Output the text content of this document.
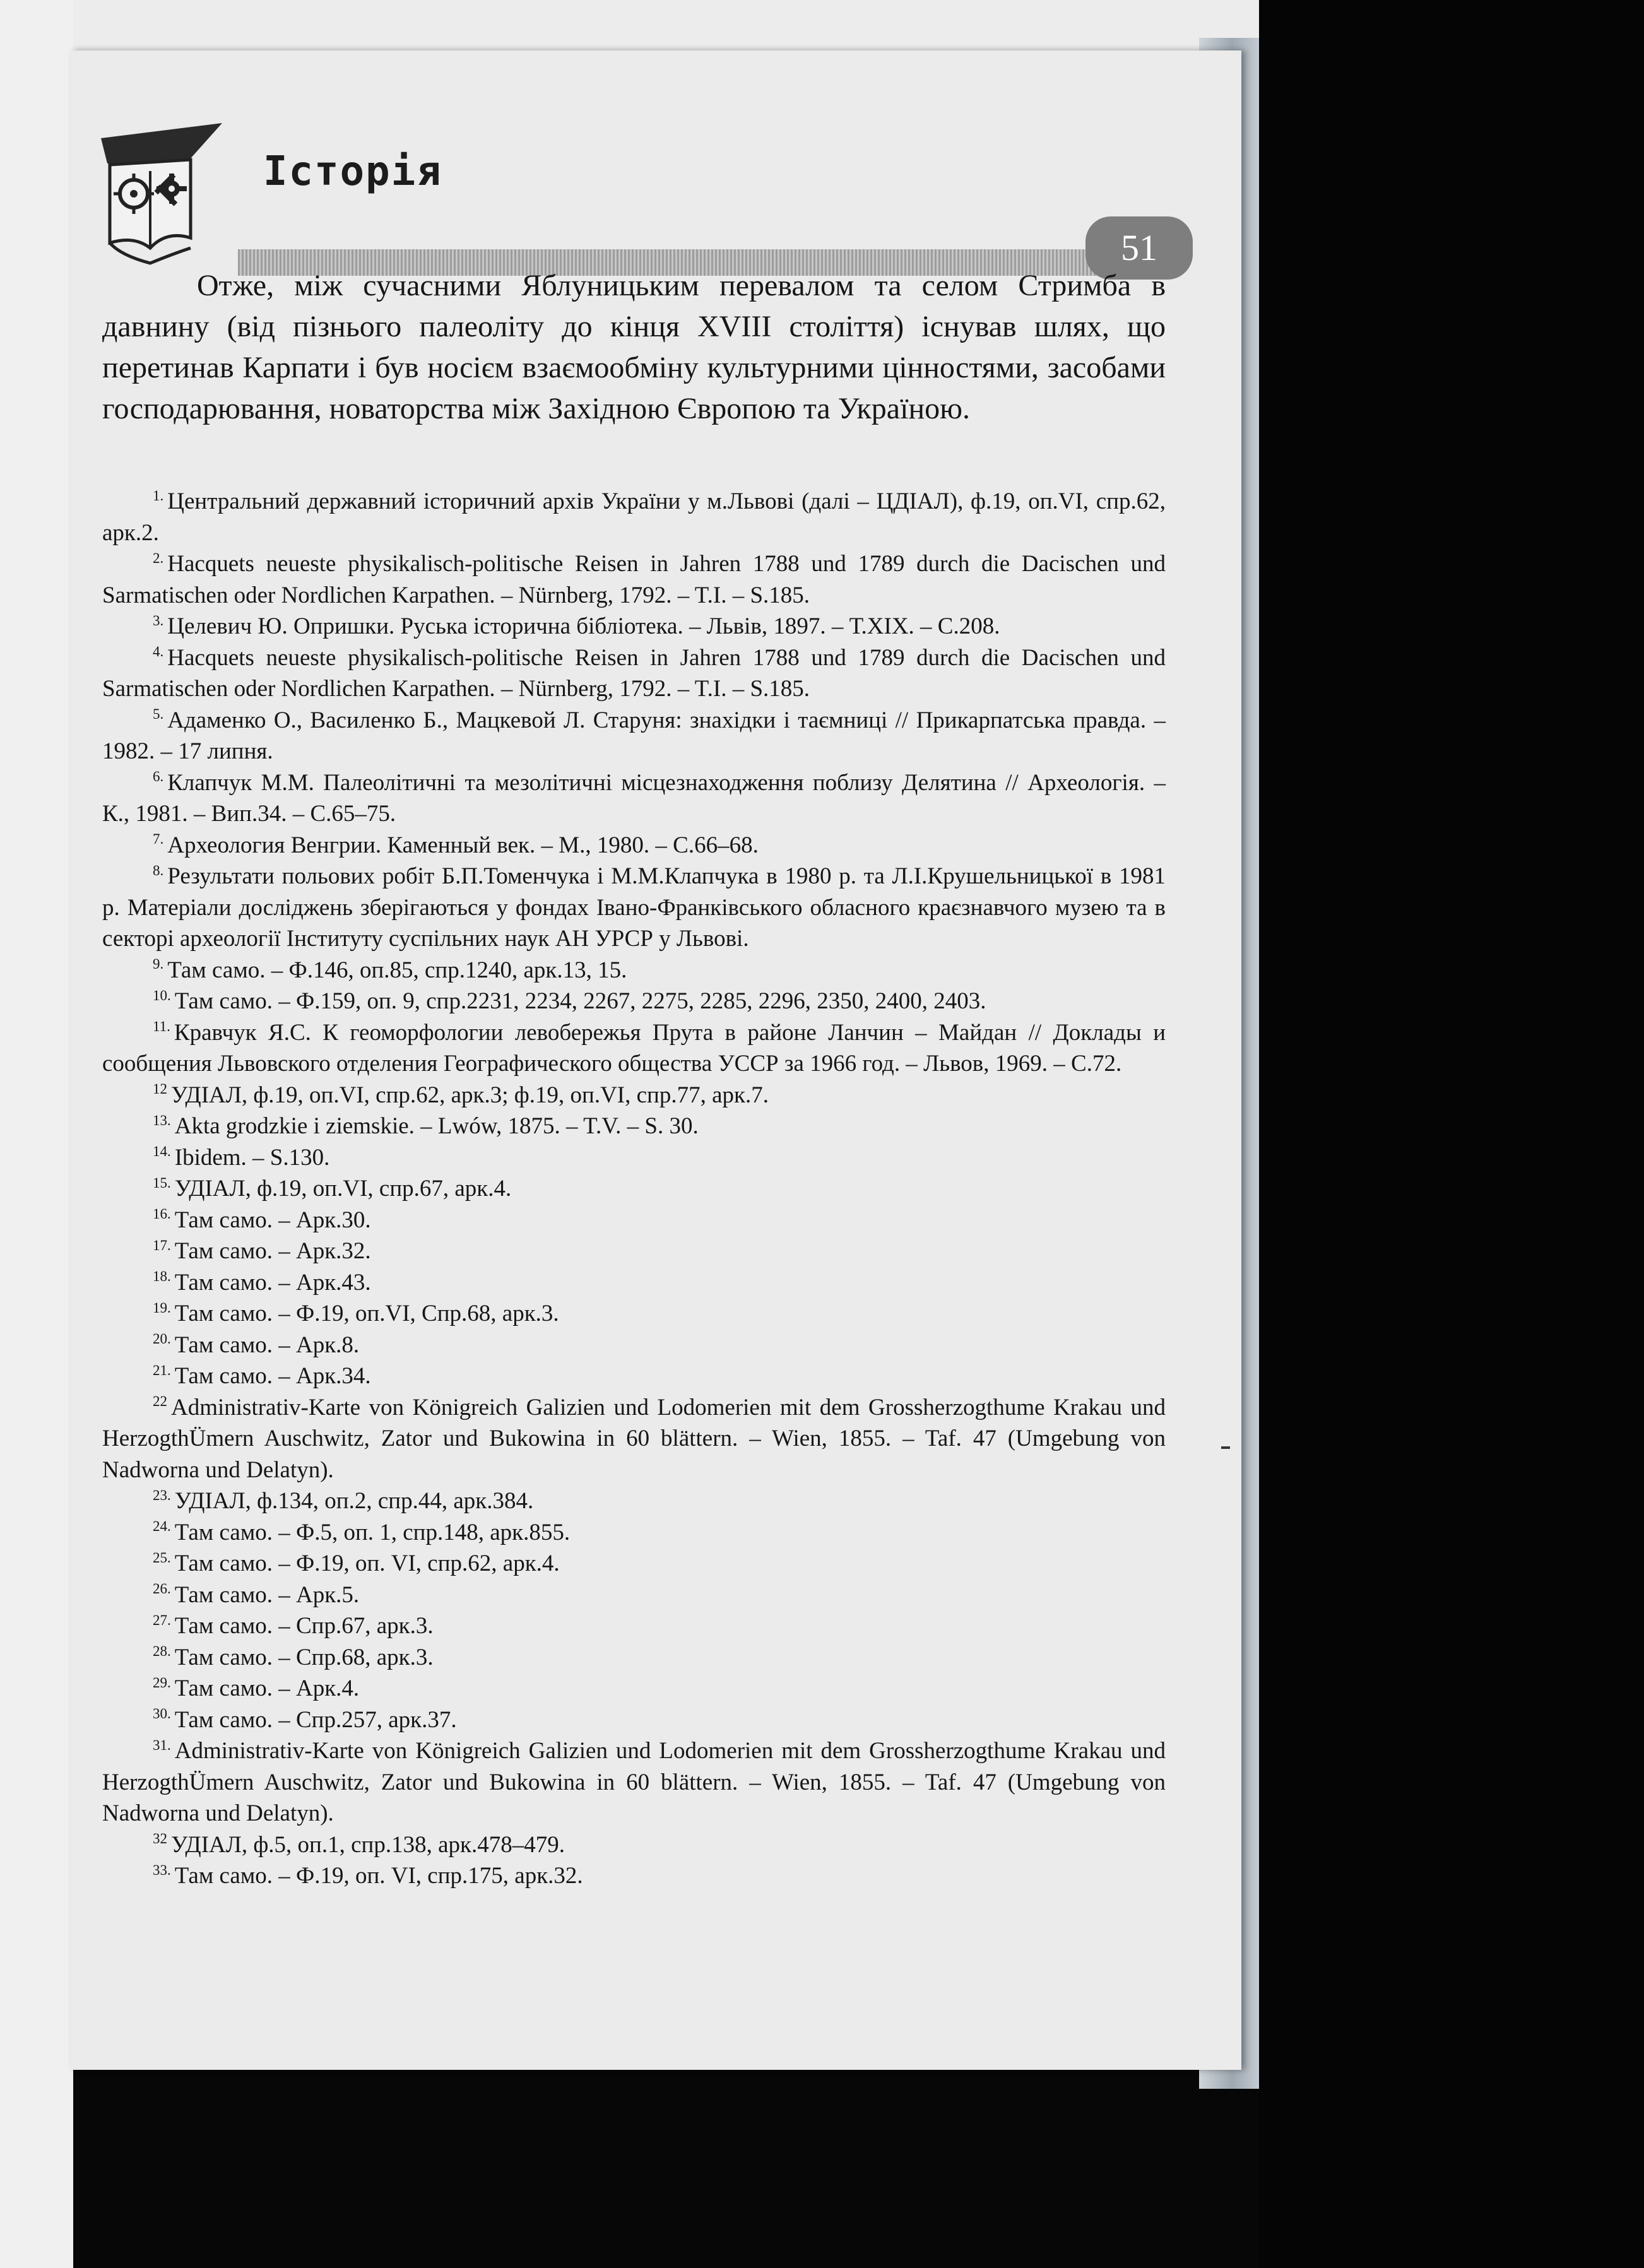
Історія
51

Отже, між сучасними Яблуницьким перевалом та селом Стримба в давнину (від пізнього палеоліту до кінця XVIII століття) існував шлях, що перетинав Карпати і був носієм взаємообміну культурними цінностями, засобами господарювання, новаторства між Західною Європою та Україною.

$^{1.}$ Центральний державний історичний архів України у м.Львові (далі – ЦДІАЛ), ф.19, оп.VI, спр.62, арк.2.

$^{2.}$ Hacquets neueste physikalisch-politische Reisen in Jahren 1788 und 1789 durch die Dacischen und Sarmatischen oder Nordlichen Karpathen. – Nürnberg, 1792. – T.I. – S.185.

$^{3.}$ Целевич Ю. Опришки. Руська історична бібліотека. – Львів, 1897. – Т.XIX. – С.208.

$^{4.}$ Hacquets neueste physikalisch-politische Reisen in Jahren 1788 und 1789 durch die Dacischen und Sarmatischen oder Nordlichen Karpathen. – Nürnberg, 1792. – T.I. – S.185.

$^{5.}$ Адаменко О., Василенко Б., Мацкевой Л. Старуня: знахідки і таємниці // Прикарпатська правда. – 1982. – 17 липня.

$^{6.}$ Клапчук М.М. Палеолітичні та мезолітичні місцезнаходження поблизу Делятина // Археологія. – К., 1981. – Вип.34. – С.65–75.

$^{7.}$ Археология Венгрии. Каменный век. – М., 1980. – С.66–68.

$^{8.}$ Результати польових робіт Б.П.Томенчука і М.М.Клапчука в 1980 р. та Л.І.Крушельницької в 1981 р. Матеріали досліджень зберігаються у фондах Івано-Франківського обласного краєзнавчого музею та в секторі археології Інституту суспільних наук АН УРСР у Львові.

$^{9.}$ Там само. – Ф.146, оп.85, спр.1240, арк.13, 15.

$^{10.}$ Там само. – Ф.159, оп. 9, спр.2231, 2234, 2267, 2275, 2285, 2296, 2350, 2400, 2403.

$^{11.}$ Кравчук Я.С. К геоморфологии левобережья Прута в районе Ланчин – Майдан // Доклады и сообщения Львовского отделения Географического общества УССР за 1966 год. – Львов, 1969. – С.72.

$^{12}$ УДІАЛ, ф.19, оп.VI, спр.62, арк.3; ф.19, оп.VI, спр.77, арк.7.

$^{13.}$ Akta grodzkie i ziemskie. – Lwów, 1875. – T.V. – S. 30.

$^{14.}$ Ibidem. – S.130.

$^{15.}$ УДІАЛ, ф.19, оп.VI, спр.67, арк.4.

$^{16.}$ Там само. – Арк.30.

$^{17.}$ Там само. – Арк.32.

$^{18.}$ Там само. – Арк.43.

$^{19.}$ Там само. – Ф.19, оп.VI, Спр.68, арк.3.

$^{20.}$ Там само. – Арк.8.

$^{21.}$ Там само. – Арк.34.

$^{22}$ Administrativ-Karte von Königreich Galizien und Lodomerien mit dem Grossherzogthume Krakau und HerzogthÜmern Auschwitz, Zator und Bukowina in 60 blättern. – Wien, 1855. – Taf. 47 (Umgebung von Nadworna und Delatyn).

$^{23.}$ УДІАЛ, ф.134, оп.2, спр.44, арк.384.

$^{24.}$ Там само. – Ф.5, оп. 1, спр.148, арк.855.

$^{25.}$ Там само. – Ф.19, оп. VI, спр.62, арк.4.

$^{26.}$ Там само. – Арк.5.

$^{27.}$ Там само. – Спр.67, арк.3.

$^{28.}$ Там само. – Спр.68, арк.3.

$^{29.}$ Там само. – Арк.4.

$^{30.}$ Там само. – Спр.257, арк.37.

$^{31.}$ Administrativ-Karte von Königreich Galizien und Lodomerien mit dem Grossherzogthume Krakau und HerzogthÜmern Auschwitz, Zator und Bukowina in 60 blättern. – Wien, 1855. – Taf. 47 (Umgebung von Nadworna und Delatyn).

$^{32}$ УДІАЛ, ф.5, оп.1, спр.138, арк.478–479.

$^{33.}$ Там само. – Ф.19, оп. VI, спр.175, арк.32.
